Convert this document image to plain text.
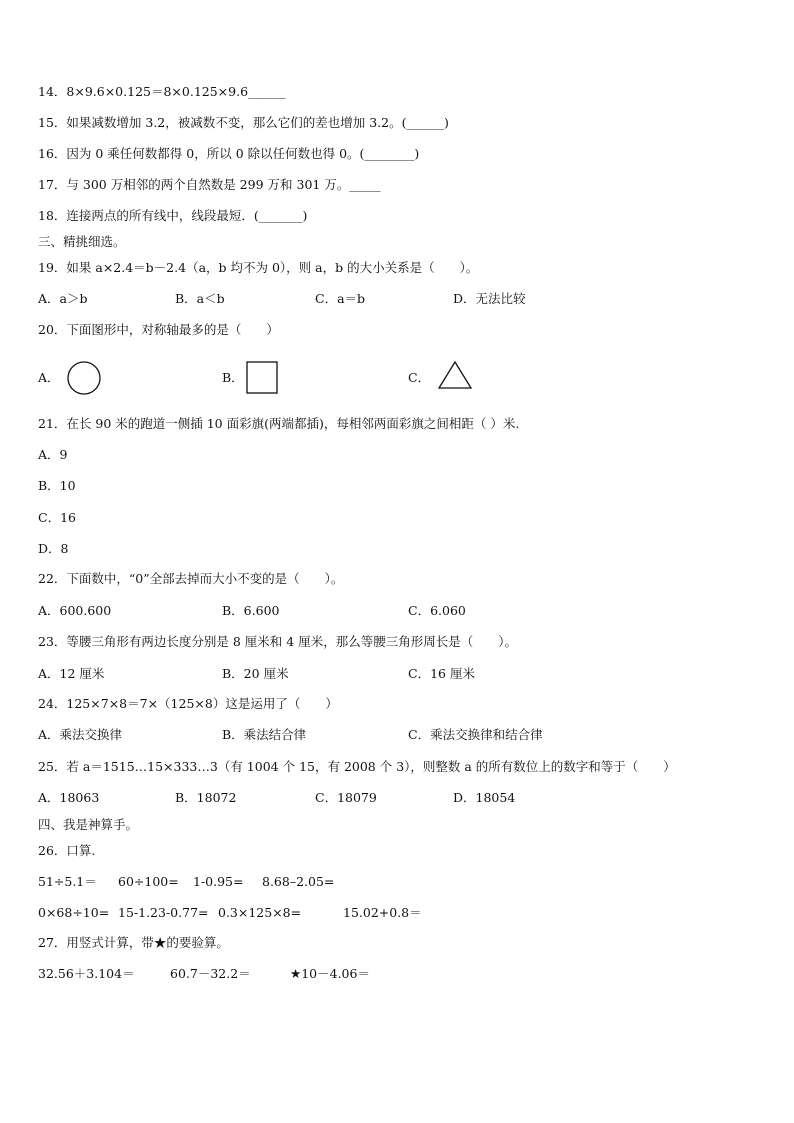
14．8×9.6×0.125＝8×0.125×9.6______
15．如果减数增加 3.2，被减数不变，那么它们的差也增加 3.2。(______)
16．因为 0 乘任何数都得 0，所以 0 除以任何数也得 0。(________)
17．与 300 万相邻的两个自然数是 299 万和 301 万。_____
18．连接两点的所有线中，线段最短．(_______)
三、精挑细选。
19．如果 a×2.4＝b－2.4（a，b 均不为 0），则 a，b 的大小关系是（　　）。
A．a＞b	B．a＜b	C．a＝b	D．无法比较
20．下面图形中，对称轴最多的是（　　）
A．	B．	C．
21．在长 90 米的跑道一侧插 10 面彩旗(两端都插)，每相邻两面彩旗之间相距（ ）米.
A．9
B．10
C．16
D．8
22．下面数中，“0”全部去掉而大小不变的是（　　）。
A．600.600	B．6.600	C．6.060
23．等腰三角形有两边长度分别是 8 厘米和 4 厘米，那么等腰三角形周长是（　　）。
A．12 厘米	B．20 厘米	C．16 厘米
24．125×7×8＝7×（125×8）这是运用了（　　）
A．乘法交换律	B．乘法结合律	C．乘法交换律和结合律
25．若 a＝1515…15×333…3（有 1004 个 15，有 2008 个 3），则整数 a 的所有数位上的数字和等于（　　）
A．18063	B．18072	C．18079	D．18054
四、我是神算手。
26．口算.
51÷5.1＝ 60÷100= 1-0.95= 8.68–2.05=
0×68÷10= 15-1.23-0.77= 0.3×125×8=	15.02+0.8＝
27．用竖式计算，带★的要验算。
32.56＋3.104＝	60.7－32.2＝	★10－4.06＝
